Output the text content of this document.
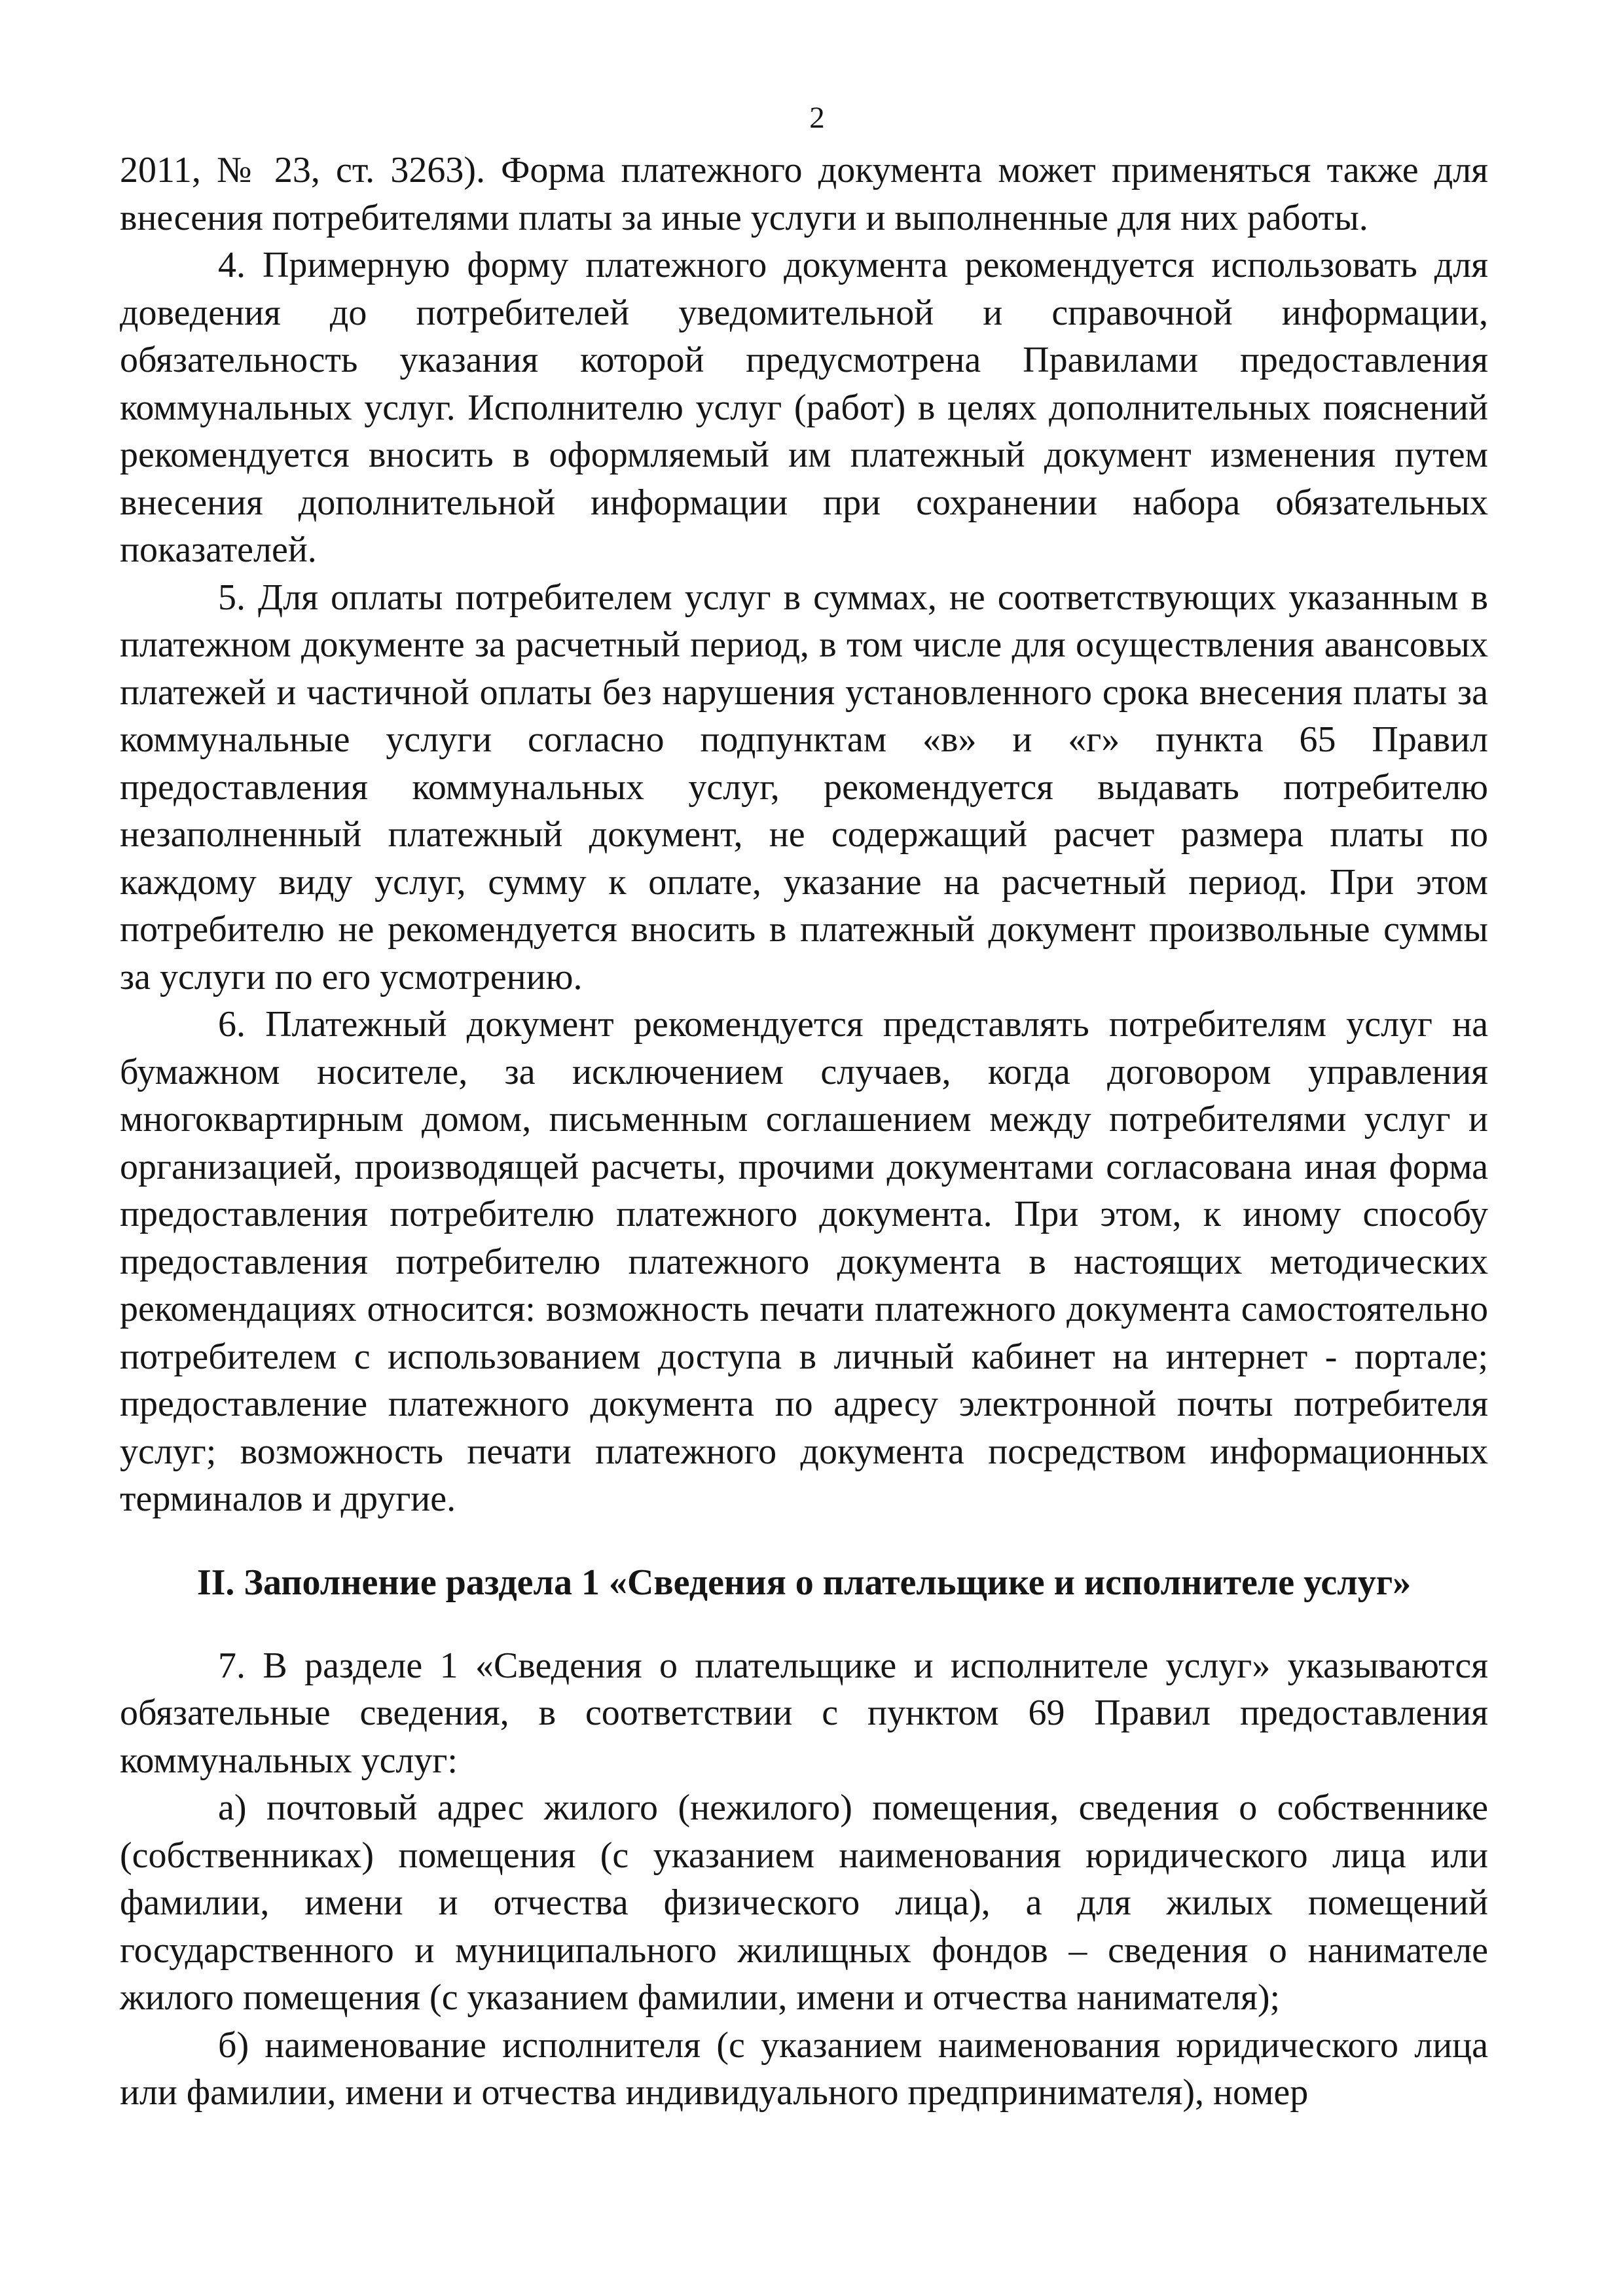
2

2011, № 23, ст. 3263). Форма платежного документа может применяться также для внесения потребителями платы за иные услуги и выполненные для них работы.

4. Примерную форму платежного документа рекомендуется использовать для доведения до потребителей уведомительной и справочной информации, обязательность указания которой предусмотрена Правилами предоставления коммунальных услуг. Исполнителю услуг (работ) в целях дополнительных пояснений рекомендуется вносить в оформляемый им платежный документ изменения путем внесения дополнительной информации при сохранении набора обязательных показателей.

5. Для оплаты потребителем услуг в суммах, не соответствующих указанным в платежном документе за расчетный период, в том числе для осуществления авансовых платежей и частичной оплаты без нарушения установленного срока внесения платы за коммунальные услуги согласно подпунктам «в» и «г» пункта 65 Правил предоставления коммунальных услуг, рекомендуется выдавать потребителю незаполненный платежный документ, не содержащий расчет размера платы по каждому виду услуг, сумму к оплате, указание на расчетный период. При этом потребителю не рекомендуется вносить в платежный документ произвольные суммы за услуги по его усмотрению.

6. Платежный документ рекомендуется представлять потребителям услуг на бумажном носителе, за исключением случаев, когда договором управления многоквартирным домом, письменным соглашением между потребителями услуг и организацией, производящей расчеты, прочими документами согласована иная форма предоставления потребителю платежного документа. При этом, к иному способу предоставления потребителю платежного документа в настоящих методических рекомендациях относится: возможность печати платежного документа самостоятельно потребителем с использованием доступа в личный кабинет на интернет - портале; предоставление платежного документа по адресу электронной почты потребителя услуг; возможность печати платежного документа посредством информационных терминалов и другие.

II. Заполнение раздела 1 «Сведения о плательщике и исполнителе услуг»

7. В разделе 1 «Сведения о плательщике и исполнителе услуг» указываются обязательные сведения, в соответствии с пунктом 69 Правил предоставления коммунальных услуг:

а) почтовый адрес жилого (нежилого) помещения, сведения о собственнике (собственниках) помещения (с указанием наименования юридического лица или фамилии, имени и отчества физического лица), а для жилых помещений государственного и муниципального жилищных фондов – сведения о нанимателе жилого помещения (с указанием фамилии, имени и отчества нанимателя);

б) наименование исполнителя (с указанием наименования юридического лица или фамилии, имени и отчества индивидуального предпринимателя), номер
